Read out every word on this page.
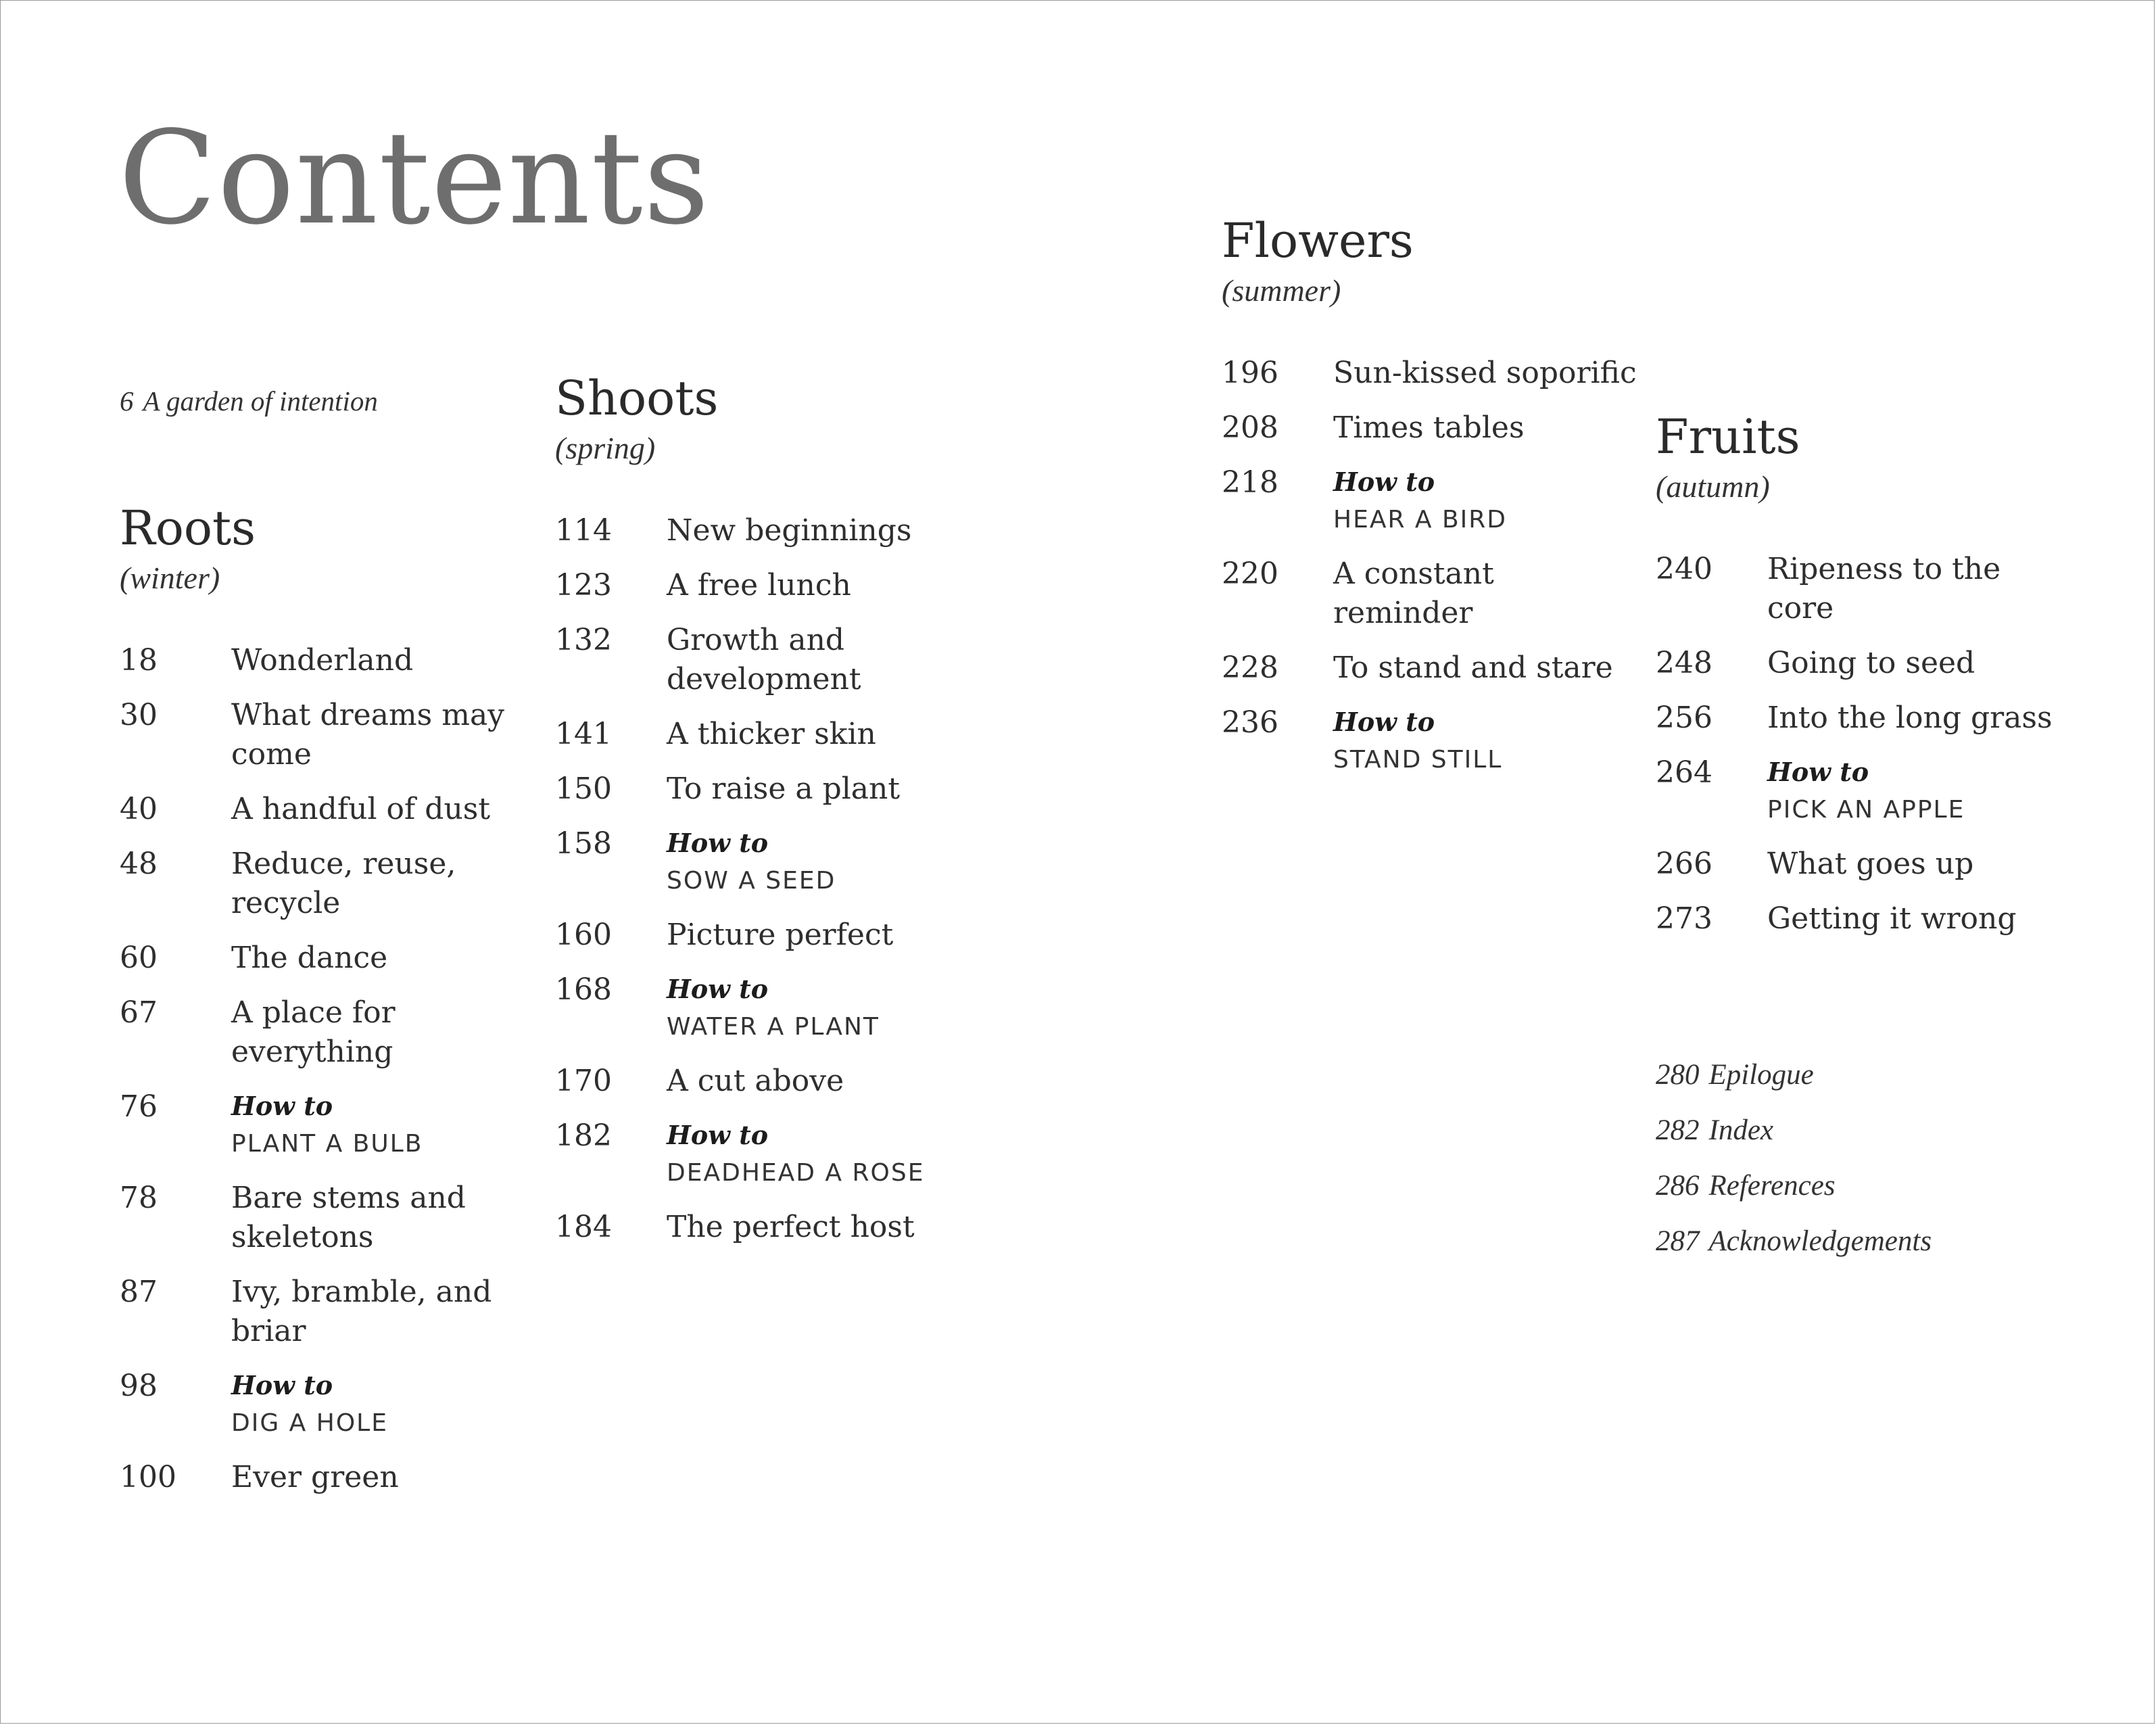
Contents
6 A garden of intention
Roots
(winter)
18 Wonderland
30 What dreams may come
40 A handful of dust
48 Reduce, reuse, recycle
60 The dance
67 A place for everything
76	How to
PLANT A BULB
78 Bare stems and skeletons
87 Ivy, bramble, and briar
98	How to
DIG A HOLE
100 Ever green
Shoots
(spring)
114 New beginnings
123 A free lunch
132 Growth and development
141 A thicker skin
150 To raise a plant
158 How to
SOW A SEED
160 Picture perfect
168 How to
WATER A PLANT
170 A cut above
182 How to
DEADHEAD A ROSE
184 The perfect host
Flowers
(summer)
196 Sun-kissed soporific
208 Times tables
218 How to
HEAR A BIRD
220 A constant reminder
228 To stand and stare
236 How to
STAND STILL
Fruits
(autumn)
240 Ripeness to the core
248 Going to seed
256 Into the long grass
264 How to
PICK AN APPLE
266 What goes up
273 Getting it wrong
280 Epilogue
282 Index
286 References
287 Acknowledgements
